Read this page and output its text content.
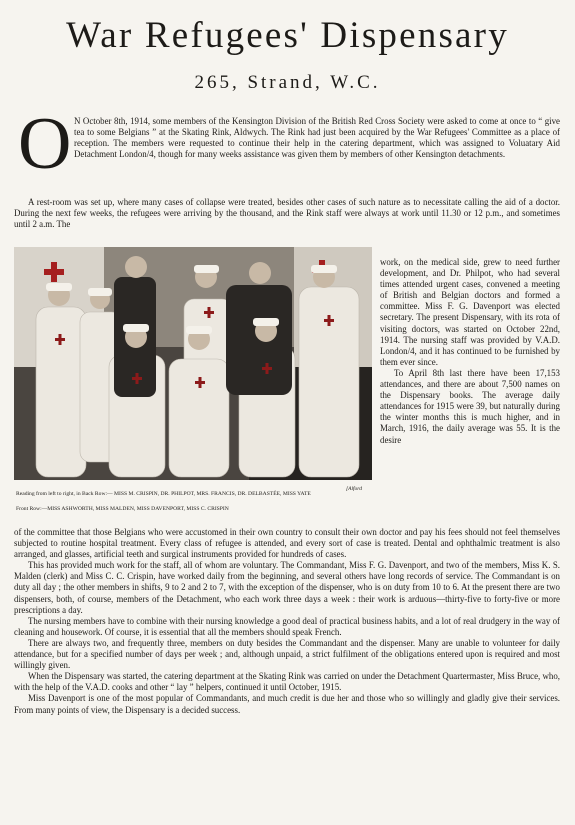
War Refugees' Dispensary
265, Strand, W.C.
O N October 8th, 1914, some members of the Kensington Division of the British Red Cross Society were asked to come at once to “ give tea to some Belgians ” at the Skating Rink, Aldwych. The Rink had just been acquired by the War Refugees' Committee as a place of reception. The members were requested to continue their help in the catering department, which was assigned to Voluatary Aid Detachment London/4, though for many weeks assistance was given them by members of other Kensington detachments.

A rest-room was set up, where many cases of collapse were treated, besides other cases of such nature as to necessitate calling the aid of a doctor. During the next few weeks, the refugees were arriving by the thousand, and the Rink staff were always at work until 11.30 or 12 p.m., and sometimes until 2 a.m. The

[Alford
Reading from left to right, in Back Row:— MISS M. CRISPIN, DR. PHILPOT, MRS. FRANCIS, DR. DELBASTÉE, MISS YATE
Front Row:—MISS ASHWORTH, MISS MALDEN, MISS DAVENPORT, MISS C. CRISPIN

work, on the medical side, grew to need further development, and Dr. Philpot, who had several times attended urgent cases, convened a meeting of British and Belgian doctors and formed a committee. Miss F. G. Davenport was elected secretary. The present Dispensary, with its rota of visiting doctors, was started on October 22nd, 1914. The nursing staff was provided by V.A.D. London/4, and it has continued to be furnished by them ever since.

To April 8th last there have been 17,153 attendances, and there are about 7,500 names on the Dispensary books. The average daily attendances for 1915 were 39, but naturally during the winter months this is much higher, and in March, 1916, the daily average was 55. It is the desire

of the committee that those Belgians who were accustomed in their own country to consult their own doctor and pay his fees should not feel themselves subjected to routine hospital treatment. Every class of refugee is attended, and every sort of case is treated. Dental and ophthalmic treatment is also arranged, and glasses, artificial teeth and surgical instruments provided for hundreds of cases.

This has provided much work for the staff, all of whom are voluntary. The Commandant, Miss F. G. Davenport, and two of the members, Miss K. S. Malden (clerk) and Miss C. C. Crispin, have worked daily from the beginning, and several others have long records of service. The Commandant is on duty all day ; the other members in shifts, 9 to 2 and 2 to 7, with the exception of the dispenser, who is on duty from 10 to 6. At the present there are two dispensers, both, of course, members of the Detachment, who each work three days a week : their work is arduous—thirty-five to forty-five or more prescriptions a day.

The nursing members have to combine with their nursing knowledge a good deal of practical business habits, and a lot of real drudgery in the way of cleaning and housework. Of course, it is essential that all the members should speak French.

There are always two, and frequently three, members on duty besides the Commandant and the dispenser. Many are unable to volunteer for daily attendance, but for a specified number of days per week ; and, although unpaid, a strict fulfilment of the obligations entered upon is required and most willingly given.

When the Dispensary was started, the catering department at the Skating Rink was carried on under the Detachment Quartermaster, Miss Bruce, who, with the help of the V.A.D. cooks and other “ lay ” helpers, continued it until October, 1915.

Miss Davenport is one of the most popular of Commandants, and much credit is due her and those who so willingly and gladly give their services. From many points of view, the Dispensary is a decided success.
